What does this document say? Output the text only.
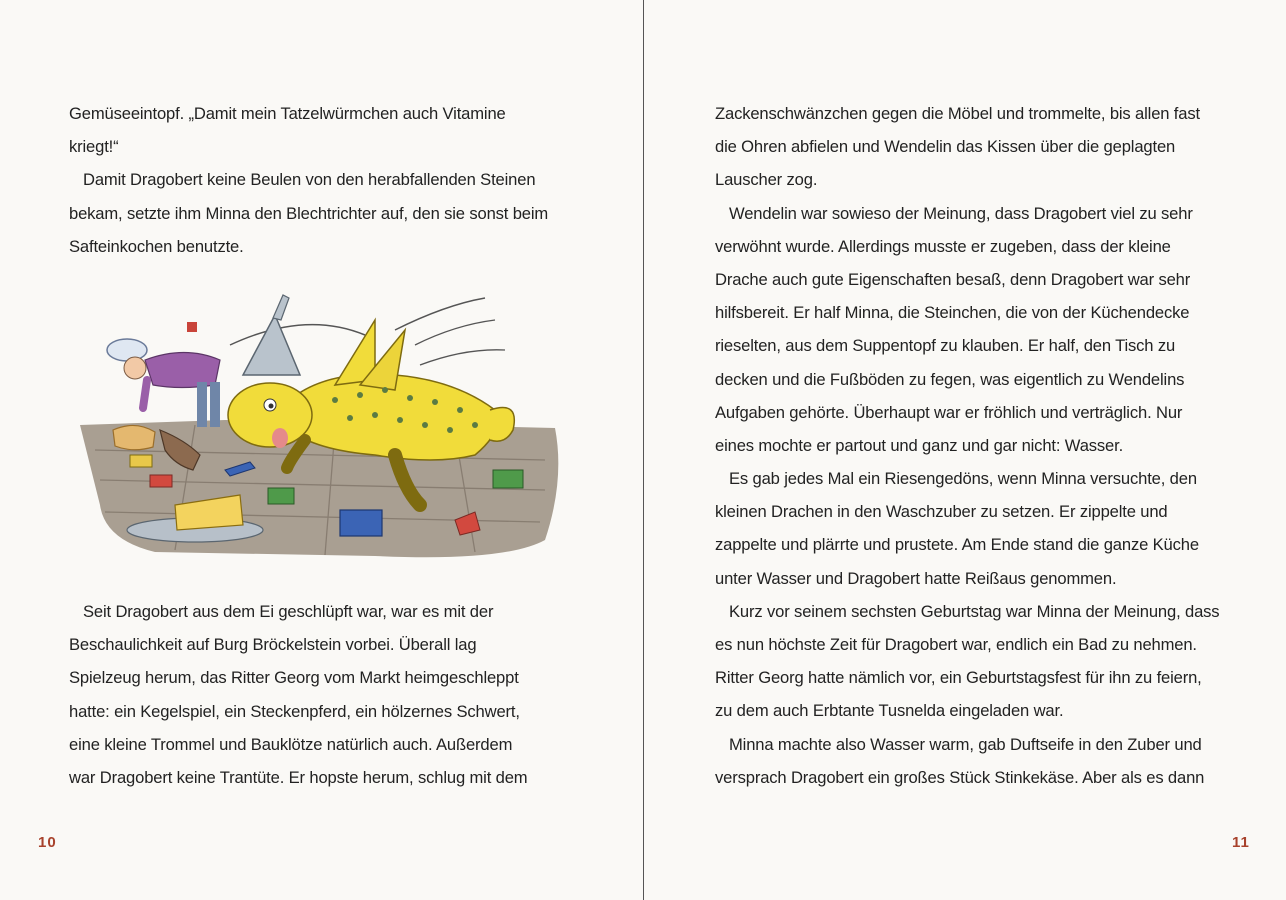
Gemüseeintopf. „Damit mein Tatzelwürmchen auch Vitamine
kriegt!“
Damit Dragobert keine Beulen von den herabfallenden Steinen
bekam, setzte ihm Minna den Blechtrichter auf, den sie sonst beim
Safteinkochen benutzte.
Seit Dragobert aus dem Ei geschlüpft war, war es mit der
Beschaulichkeit auf Burg Bröckelstein vorbei. Überall lag
Spielzeug herum, das Ritter Georg vom Markt heimgeschleppt
hatte: ein Kegelspiel, ein Steckenpferd, ein hölzernes Schwert,
eine kleine Trommel und Bauklötze natürlich auch. Außerdem
war Dragobert keine Trantüte. Er hopste herum, schlug mit dem
10
Zackenschwänzchen gegen die Möbel und trommelte, bis allen fast
die Ohren abfielen und Wendelin das Kissen über die geplagten
Lauscher zog.
Wendelin war sowieso der Meinung, dass Dragobert viel zu sehr
verwöhnt wurde. Allerdings musste er zugeben, dass der kleine
Drache auch gute Eigenschaften besaß, denn Dragobert war sehr
hilfsbereit. Er half Minna, die Steinchen, die von der Küchendecke
rieselten, aus dem Suppentopf zu klauben. Er half, den Tisch zu
decken und die Fußböden zu fegen, was eigentlich zu Wendelins
Aufgaben gehörte. Überhaupt war er fröhlich und verträglich. Nur
eines mochte er partout und ganz und gar nicht: Wasser.
Es gab jedes Mal ein Riesengedöns, wenn Minna versuchte, den
kleinen Drachen in den Waschzuber zu setzen. Er zippelte und
zappelte und plärrte und prustete. Am Ende stand die ganze Küche
unter Wasser und Dragobert hatte Reißaus genommen.
Kurz vor seinem sechsten Geburtstag war Minna der Meinung, dass
es nun höchste Zeit für Dragobert war, endlich ein Bad zu nehmen.
Ritter Georg hatte nämlich vor, ein Geburtstagsfest für ihn zu feiern,
zu dem auch Erbtante Tusnelda eingeladen war.
Minna machte also Wasser warm, gab Duftseife in den Zuber und
versprach Dragobert ein großes Stück Stinkekäse. Aber als es dann
11
